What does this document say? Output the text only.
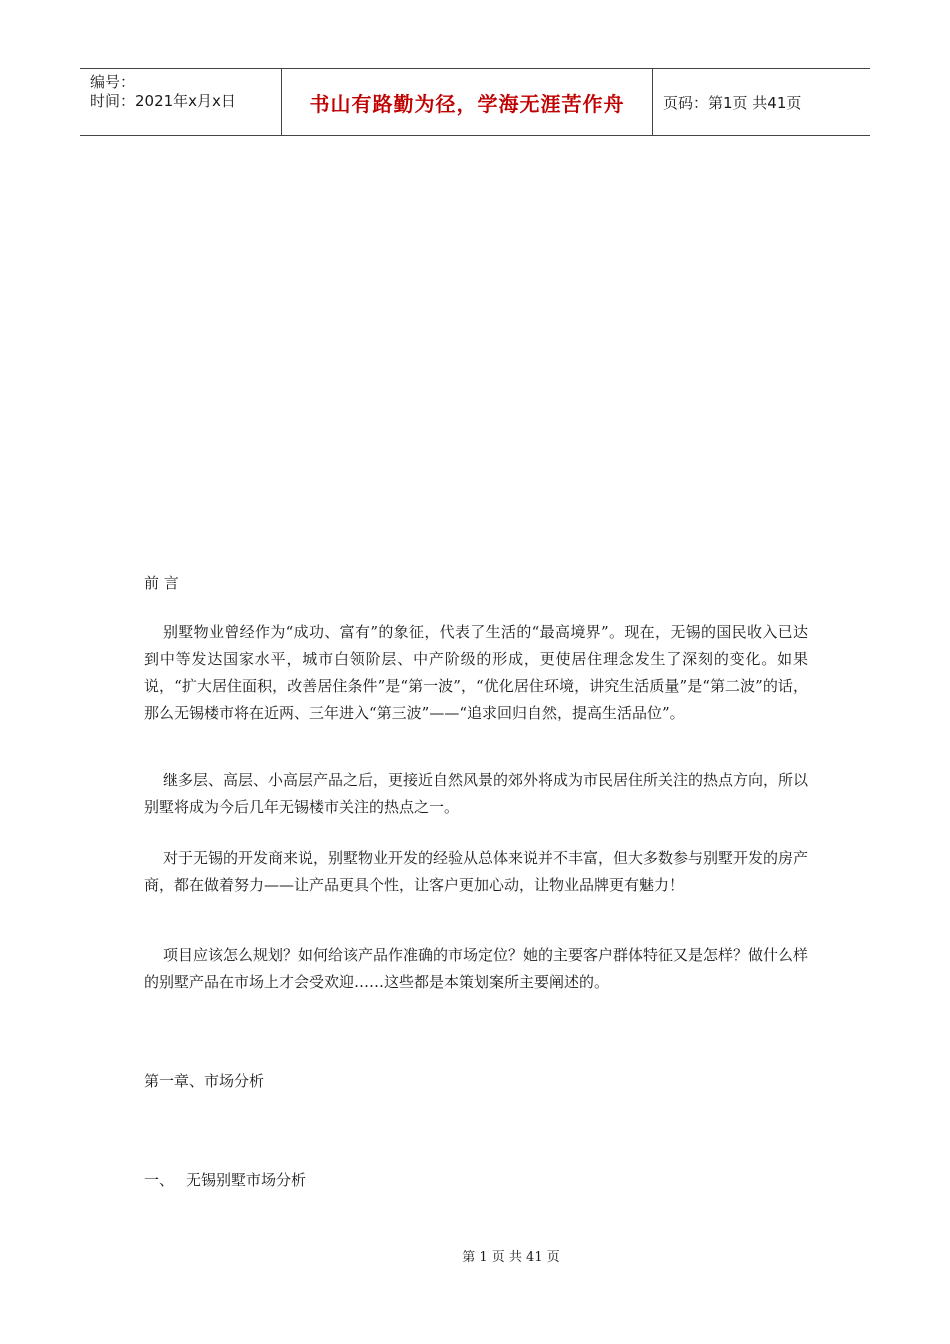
编号：
时间：2021年x月x日	书山有路勤为径，学海无涯苦作舟	页码：第1页 共41页
前 言
别墅物业曾经作为“成功、富有”的象征，代表了生活的“最高境界”。现在，无锡的国民收入已达到中等发达国家水平，城市白领阶层、中产阶级的形成，更使居住理念发生了深刻的变化。如果说，“扩大居住面积，改善居住条件”是“第一波”，“优化居住环境，讲究生活质量”是“第二波”的话，那么无锡楼市将在近两、三年进入“第三波”——“追求回归自然，提高生活品位”。
继多层、高层、小高层产品之后，更接近自然风景的郊外将成为市民居住所关注的热点方向，所以别墅将成为今后几年无锡楼市关注的热点之一。
对于无锡的开发商来说，别墅物业开发的经验从总体来说并不丰富，但大多数参与别墅开发的房产商，都在做着努力——让产品更具个性，让客户更加心动，让物业品牌更有魅力！
项目应该怎么规划？如何给该产品作准确的市场定位？她的主要客户群体特征又是怎样？做什么样的别墅产品在市场上才会受欢迎……这些都是本策划案所主要阐述的。
第一章、市场分析
一、 无锡别墅市场分析
第 1 页 共 41 页
